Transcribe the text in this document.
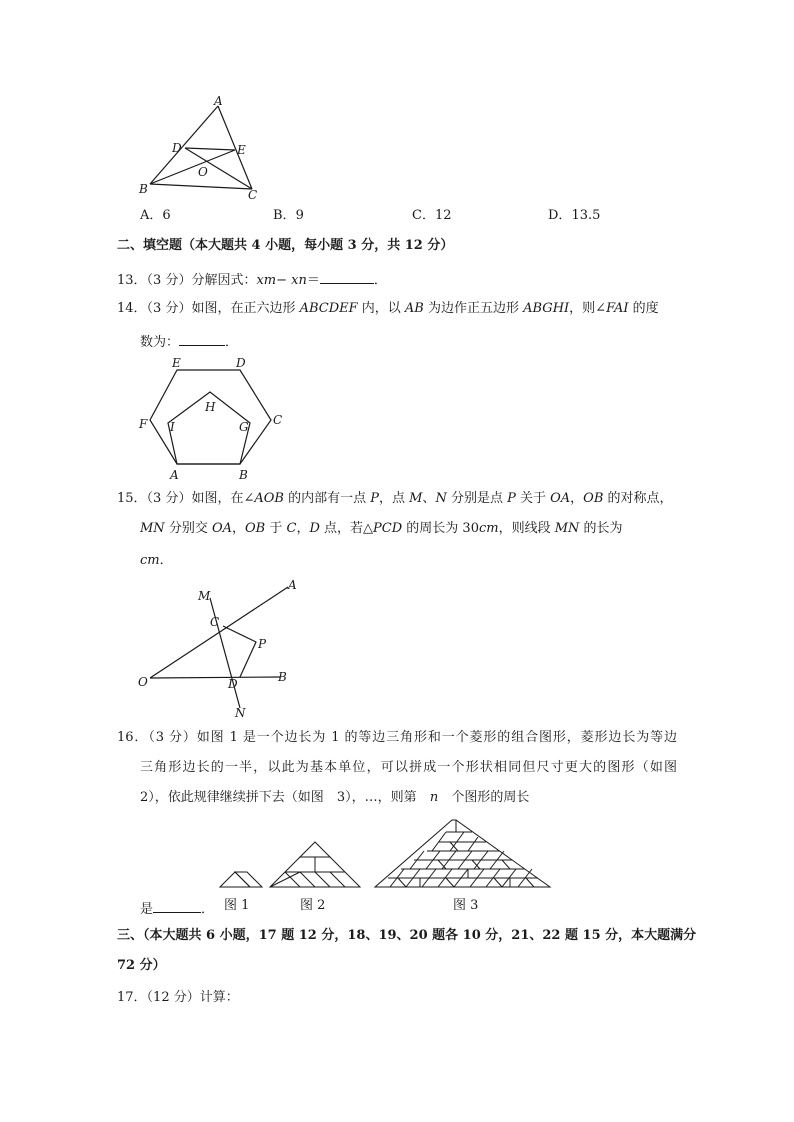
A
D	E
O
B	C
A．6	B．9	C．12	D．13.5
二、填空题（本大题共 4 小题，每小题 3 分，共 12 分）
13．（3 分）分解因式：xm− xn＝	．
14．（3 分）如图，在正六边形 ABCDEF 内，以 AB 为边作正五边形 ABGHI，则∠FAI 的度
数为：	．
E	D
F	C
H
I	G
A	B
15．（3 分）如图，在∠AOB 的内部有一点 P，点 M、N 分别是点 P 关于 OA，OB 的对称点，
MN 分别交 OA，OB 于 C，D 点，若△PCD 的周长为 30cm，则线段 MN 的长为
cm．
M
A
C
P
O	D	B
N
16．（3 分）如图 1 是一个边长为 1 的等边三角形和一个菱形的组合图形，菱形边长为等边
三角形边长的一半，以此为基本单位，可以拼成一个形状相同但尺寸更大的图形（如图
2），依此规律继续拼下去（如图 3），…，则第 n 个图形的周长
图 1	图 2	图 3
是	．
三、（本大题共 6 小题，17 题 12 分，18、19、20 题各 10 分，21、22 题 15 分，本大题满分
72 分）
17．（12 分）计算：
